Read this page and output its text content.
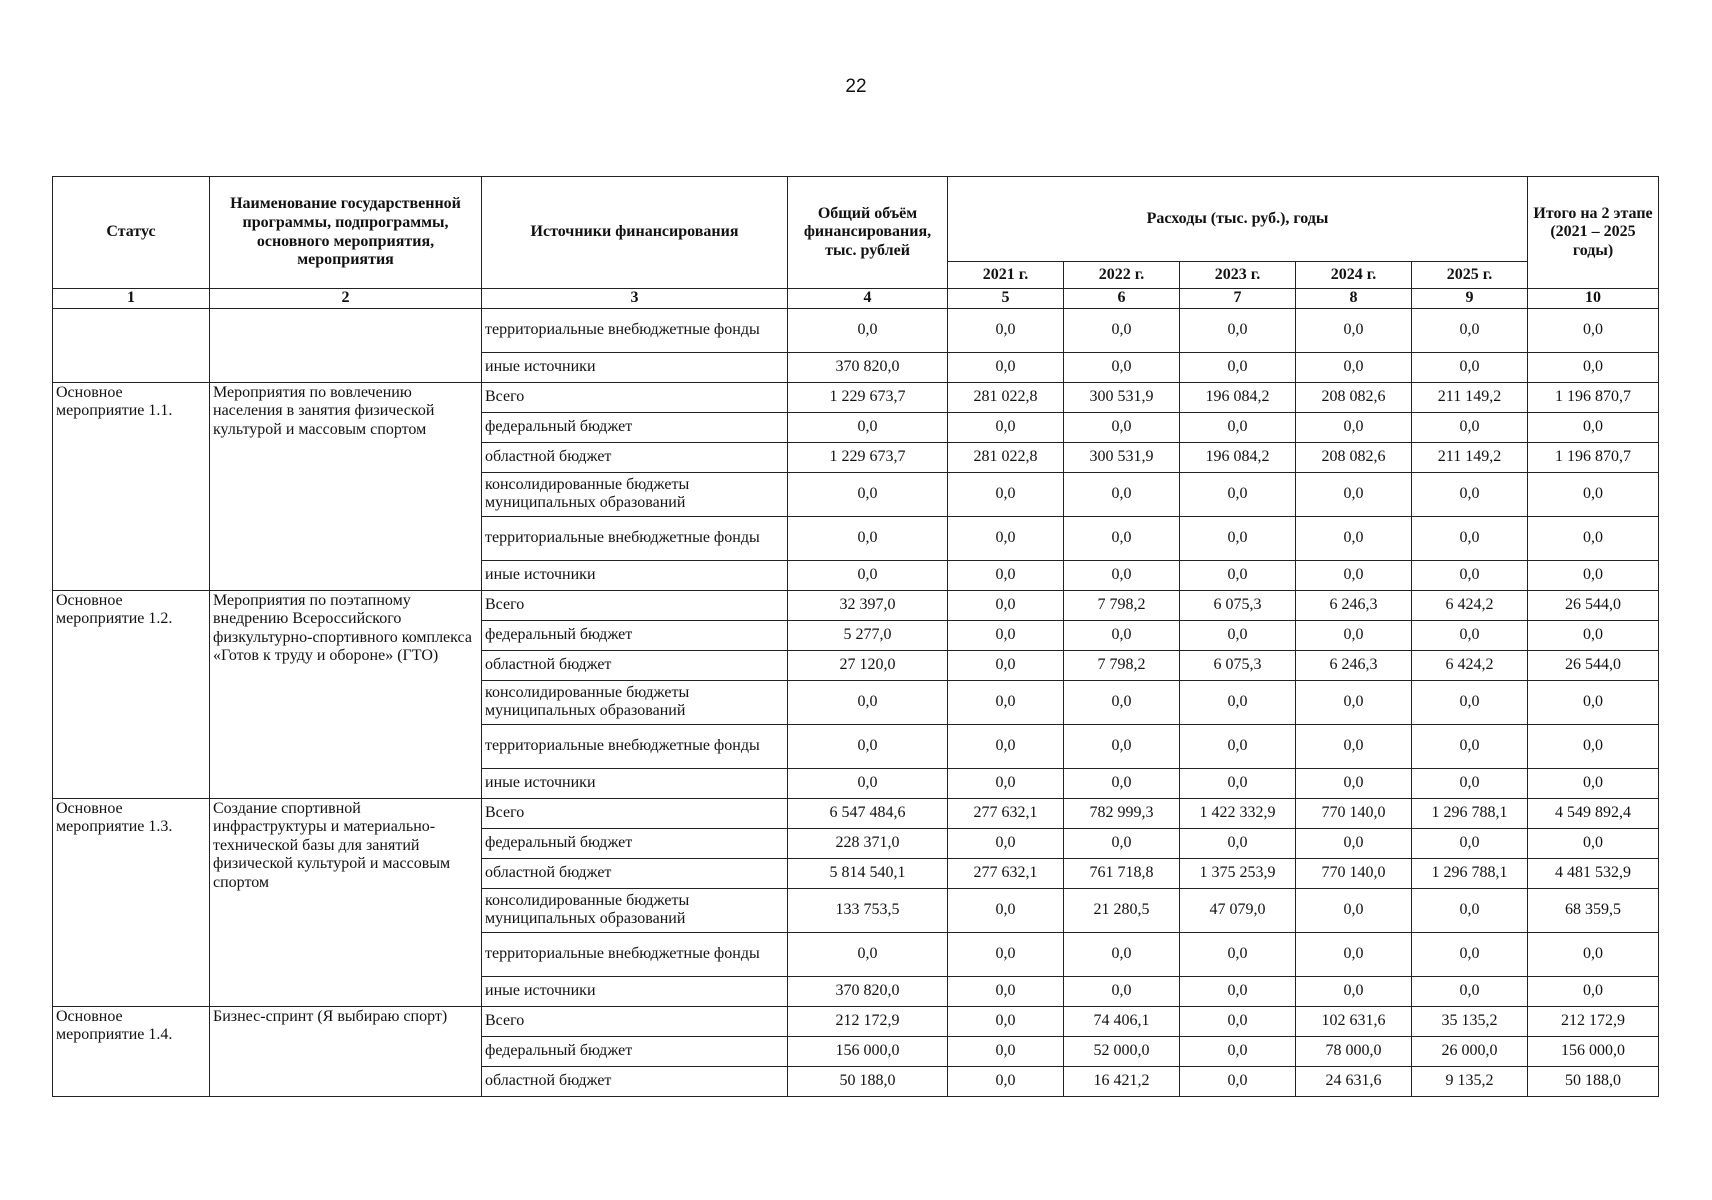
22
Статус	Наименование государственной программы, подпрограммы, основного мероприятия, мероприятия	Источники финансирования	Общий объём финансирования, тыс. рублей	Расходы (тыс. руб.), годы					Итого на 2 этапе (2021 – 2025 годы)
				2021 г.	2022 г.	2023 г.	2024 г.	2025 г.	
1	2	3	4	5	6	7	8	9	10
		территориальные внебюджетные фонды	0,0	0,0	0,0	0,0	0,0	0,0	0,0
		иные источники	370 820,0	0,0	0,0	0,0	0,0	0,0	0,0
Основное мероприятие 1.1.	Мероприятия по вовлечению населения в занятия физической культурой и массовым спортом	Всего	1 229 673,7	281 022,8	300 531,9	196 084,2	208 082,6	211 149,2	1 196 870,7
		федеральный бюджет	0,0	0,0	0,0	0,0	0,0	0,0	0,0
		областной бюджет	1 229 673,7	281 022,8	300 531,9	196 084,2	208 082,6	211 149,2	1 196 870,7
		консолидированные бюджеты муниципальных образований	0,0	0,0	0,0	0,0	0,0	0,0	0,0
		территориальные внебюджетные фонды	0,0	0,0	0,0	0,0	0,0	0,0	0,0
		иные источники	0,0	0,0	0,0	0,0	0,0	0,0	0,0
Основное мероприятие 1.2.	Мероприятия по поэтапному внедрению Всероссийского физкультурно-спортивного комплекса «Готов к труду и обороне» (ГТО)	Всего	32 397,0	0,0	7 798,2	6 075,3	6 246,3	6 424,2	26 544,0
		федеральный бюджет	5 277,0	0,0	0,0	0,0	0,0	0,0	0,0
		областной бюджет	27 120,0	0,0	7 798,2	6 075,3	6 246,3	6 424,2	26 544,0
		консолидированные бюджеты муниципальных образований	0,0	0,0	0,0	0,0	0,0	0,0	0,0
		территориальные внебюджетные фонды	0,0	0,0	0,0	0,0	0,0	0,0	0,0
		иные источники	0,0	0,0	0,0	0,0	0,0	0,0	0,0
Основное мероприятие 1.3.	Создание спортивной инфраструктуры и материально-технической базы для занятий физической культурой и массовым спортом	Всего	6 547 484,6	277 632,1	782 999,3	1 422 332,9	770 140,0	1 296 788,1	4 549 892,4
		федеральный бюджет	228 371,0	0,0	0,0	0,0	0,0	0,0	0,0
		областной бюджет	5 814 540,1	277 632,1	761 718,8	1 375 253,9	770 140,0	1 296 788,1	4 481 532,9
		консолидированные бюджеты муниципальных образований	133 753,5	0,0	21 280,5	47 079,0	0,0	0,0	68 359,5
		территориальные внебюджетные фонды	0,0	0,0	0,0	0,0	0,0	0,0	0,0
		иные источники	370 820,0	0,0	0,0	0,0	0,0	0,0	0,0
Основное мероприятие 1.4.	Бизнес-спринт (Я выбираю спорт)	Всего	212 172,9	0,0	74 406,1	0,0	102 631,6	35 135,2	212 172,9
		федеральный бюджет	156 000,0	0,0	52 000,0	0,0	78 000,0	26 000,0	156 000,0
		областной бюджет	50 188,0	0,0	16 421,2	0,0	24 631,6	9 135,2	50 188,0
